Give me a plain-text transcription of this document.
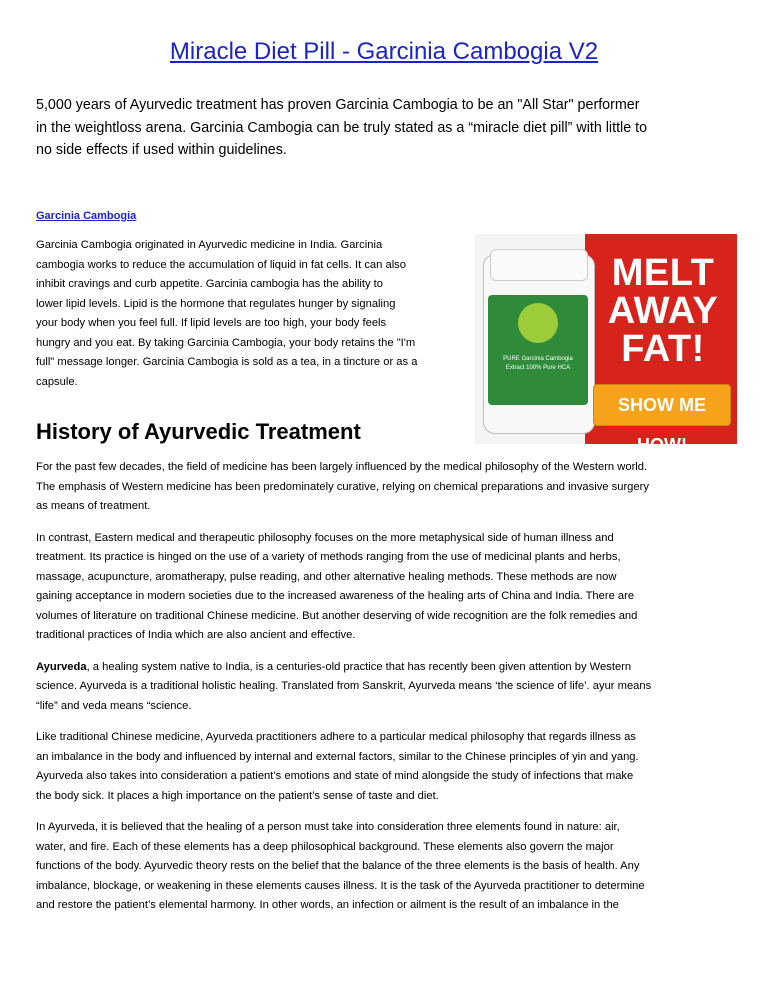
Miracle Diet Pill - Garcinia Cambogia V2
5,000 years of Ayurvedic treatment has proven Garcinia Cambogia to be an "All Star" performer
in the weightloss arena. Garcinia Cambogia can be truly stated as a “miracle diet pill” with little to
no side effects if used within guidelines.
Garcinia Cambogia
Garcinia Cambogia originated in Ayurvedic medicine in India. Garcinia
cambogia works to reduce the accumulation of liquid in fat cells. It can also
inhibit cravings and curb appetite. Garcinia cambogia has the ability to
lower lipid levels. Lipid is the hormone that regulates hunger by signaling
your body when you feel full. If lipid levels are too high, your body feels
hungry and you eat. By taking Garcinia Cambogia, your body retains the "I'm
full" message longer. Garcinia Cambogia is sold as a tea, in a tincture or as a
capsule.
PURE Garcinia Cambogia Extract 100% Pure HCA
MELT
AWAY
FAT!
SHOW ME HOW!
History of Ayurvedic Treatment

For the past few decades, the field of medicine has been largely influenced by the medical philosophy of the Western world.
The emphasis of Western medicine has been predominately curative, relying on chemical preparations and invasive surgery
as means of treatment.

In contrast, Eastern medical and therapeutic philosophy focuses on the more metaphysical side of human illness and
treatment. Its practice is hinged on the use of a variety of methods ranging from the use of medicinal plants and herbs,
massage, acupuncture, aromatherapy, pulse reading, and other alternative healing methods. These methods are now
gaining acceptance in modern societies due to the increased awareness of the healing arts of China and India. There are
volumes of literature on traditional Chinese medicine. But another deserving of wide recognition are the folk remedies and
traditional practices of India which are also ancient and effective.

Ayurveda, a healing system native to India, is a centuries-old practice that has recently been given attention by Western
science. Ayurveda is a traditional holistic healing. Translated from Sanskrit, Ayurveda means ‘the science of life’. ayur means
“life” and veda means “science.

Like traditional Chinese medicine, Ayurveda practitioners adhere to a particular medical philosophy that regards illness as
an imbalance in the body and influenced by internal and external factors, similar to the Chinese principles of yin and yang.
Ayurveda also takes into consideration a patient’s emotions and state of mind alongside the study of infections that make
the body sick. It places a high importance on the patient’s sense of taste and diet.

In Ayurveda, it is believed that the healing of a person must take into consideration three elements found in nature: air,
water, and fire. Each of these elements has a deep philosophical background. These elements also govern the major
functions of the body. Ayurvedic theory rests on the belief that the balance of the three elements is the basis of health. Any
imbalance, blockage, or weakening in these elements causes illness. It is the task of the Ayurveda practitioner to determine
and restore the patient’s elemental harmony. In other words, an infection or ailment is the result of an imbalance in the
